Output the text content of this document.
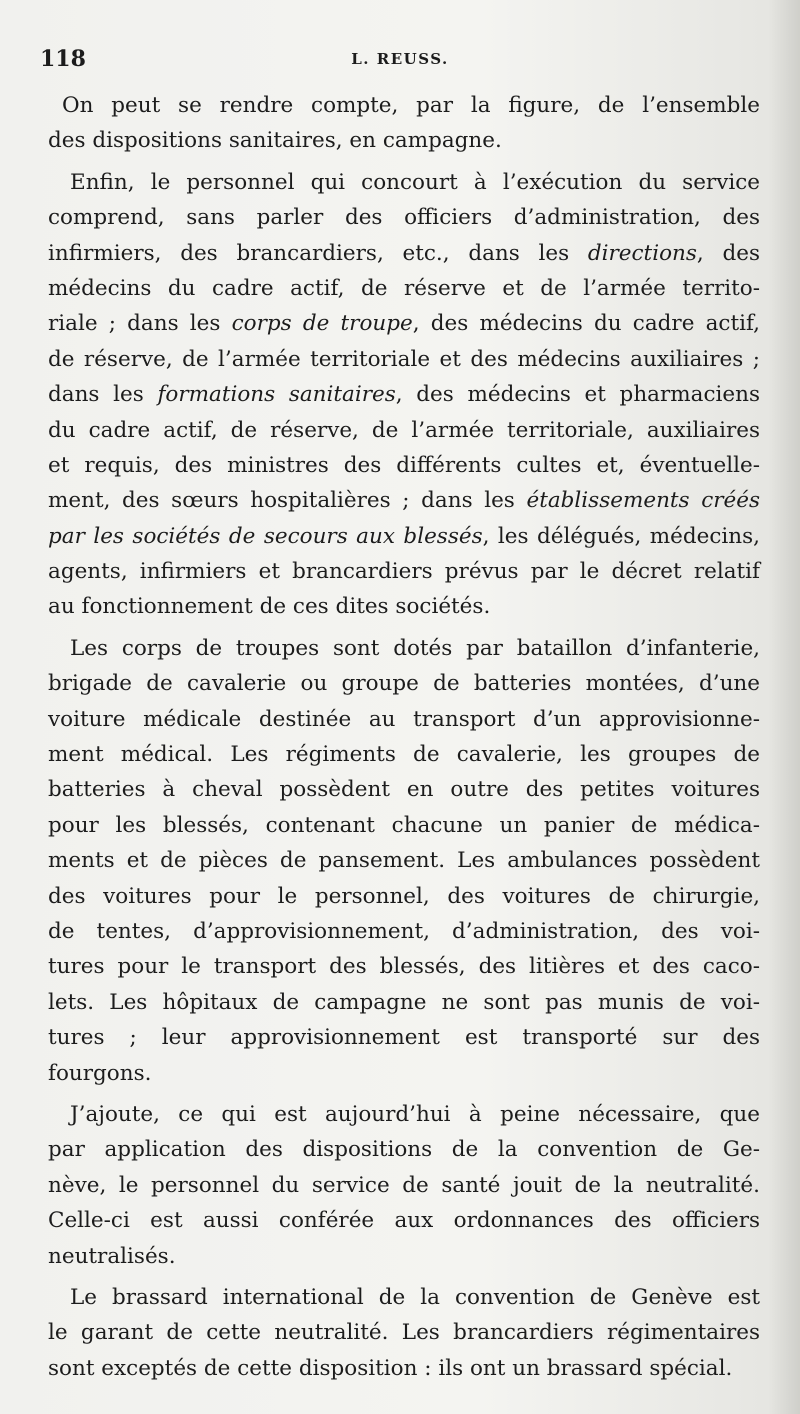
118	L. REUSS.
On peut se rendre compte, par la figure, de l’ensemble
des dispositions sanitaires, en campagne.
Enfin, le personnel qui concourt à l’exécution du service
comprend, sans parler des officiers d’administration, des
infirmiers, des brancardiers, etc., dans les directions, des
médecins du cadre actif, de réserve et de l’armée territo-
riale ; dans les corps de troupe, des médecins du cadre actif,
de réserve, de l’armée territoriale et des médecins auxiliaires ;
dans les formations sanitaires, des médecins et pharmaciens
du cadre actif, de réserve, de l’armée territoriale, auxiliaires
et requis, des ministres des différents cultes et, éventuelle-
ment, des sœurs hospitalières ; dans les établissements créés
par les sociétés de secours aux blessés, les délégués, médecins,
agents, infirmiers et brancardiers prévus par le décret relatif
au fonctionnement de ces dites sociétés.
Les corps de troupes sont dotés par bataillon d’infanterie,
brigade de cavalerie ou groupe de batteries montées, d’une
voiture médicale destinée au transport d’un approvisionne-
ment médical. Les régiments de cavalerie, les groupes de
batteries à cheval possèdent en outre des petites voitures
pour les blessés, contenant chacune un panier de médica-
ments et de pièces de pansement. Les ambulances possèdent
des voitures pour le personnel, des voitures de chirurgie,
de tentes, d’approvisionnement, d’administration, des voi-
tures pour le transport des blessés, des litières et des caco-
lets. Les hôpitaux de campagne ne sont pas munis de voi-
tures ; leur approvisionnement est transporté sur des
fourgons.
J’ajoute, ce qui est aujourd’hui à peine nécessaire, que
par application des dispositions de la convention de Ge-
nève, le personnel du service de santé jouit de la neutralité.
Celle-ci est aussi conférée aux ordonnances des officiers
neutralisés.
Le brassard international de la convention de Genève est
le garant de cette neutralité. Les brancardiers régimentaires
sont exceptés de cette disposition : ils ont un brassard spécial.
